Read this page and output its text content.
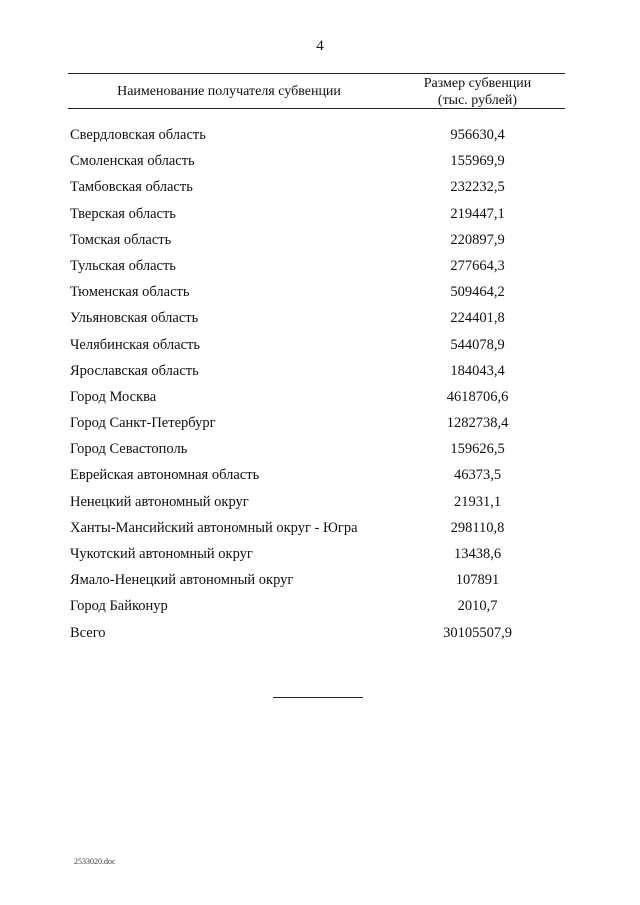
4
Наименование получателя субвенции
Размер субвенции
(тыс. рублей)
Свердловская область	956630,4
Смоленская область	155969,9
Тамбовская область	232232,5
Тверская область	219447,1
Томская область	220897,9
Тульская область	277664,3
Тюменская область	509464,2
Ульяновская область	224401,8
Челябинская область	544078,9
Ярославская область	184043,4
Город Москва	4618706,6
Город Санкт-Петербург	1282738,4
Город Севастополь	159626,5
Еврейская автономная область	46373,5
Ненецкий автономный округ	21931,1
Ханты-Мансийский автономный округ - Югра	298110,8
Чукотский автономный округ	13438,6
Ямало-Ненецкий автономный округ	107891
Город Байконур	2010,7
Всего	30105507,9
2533020.doc
